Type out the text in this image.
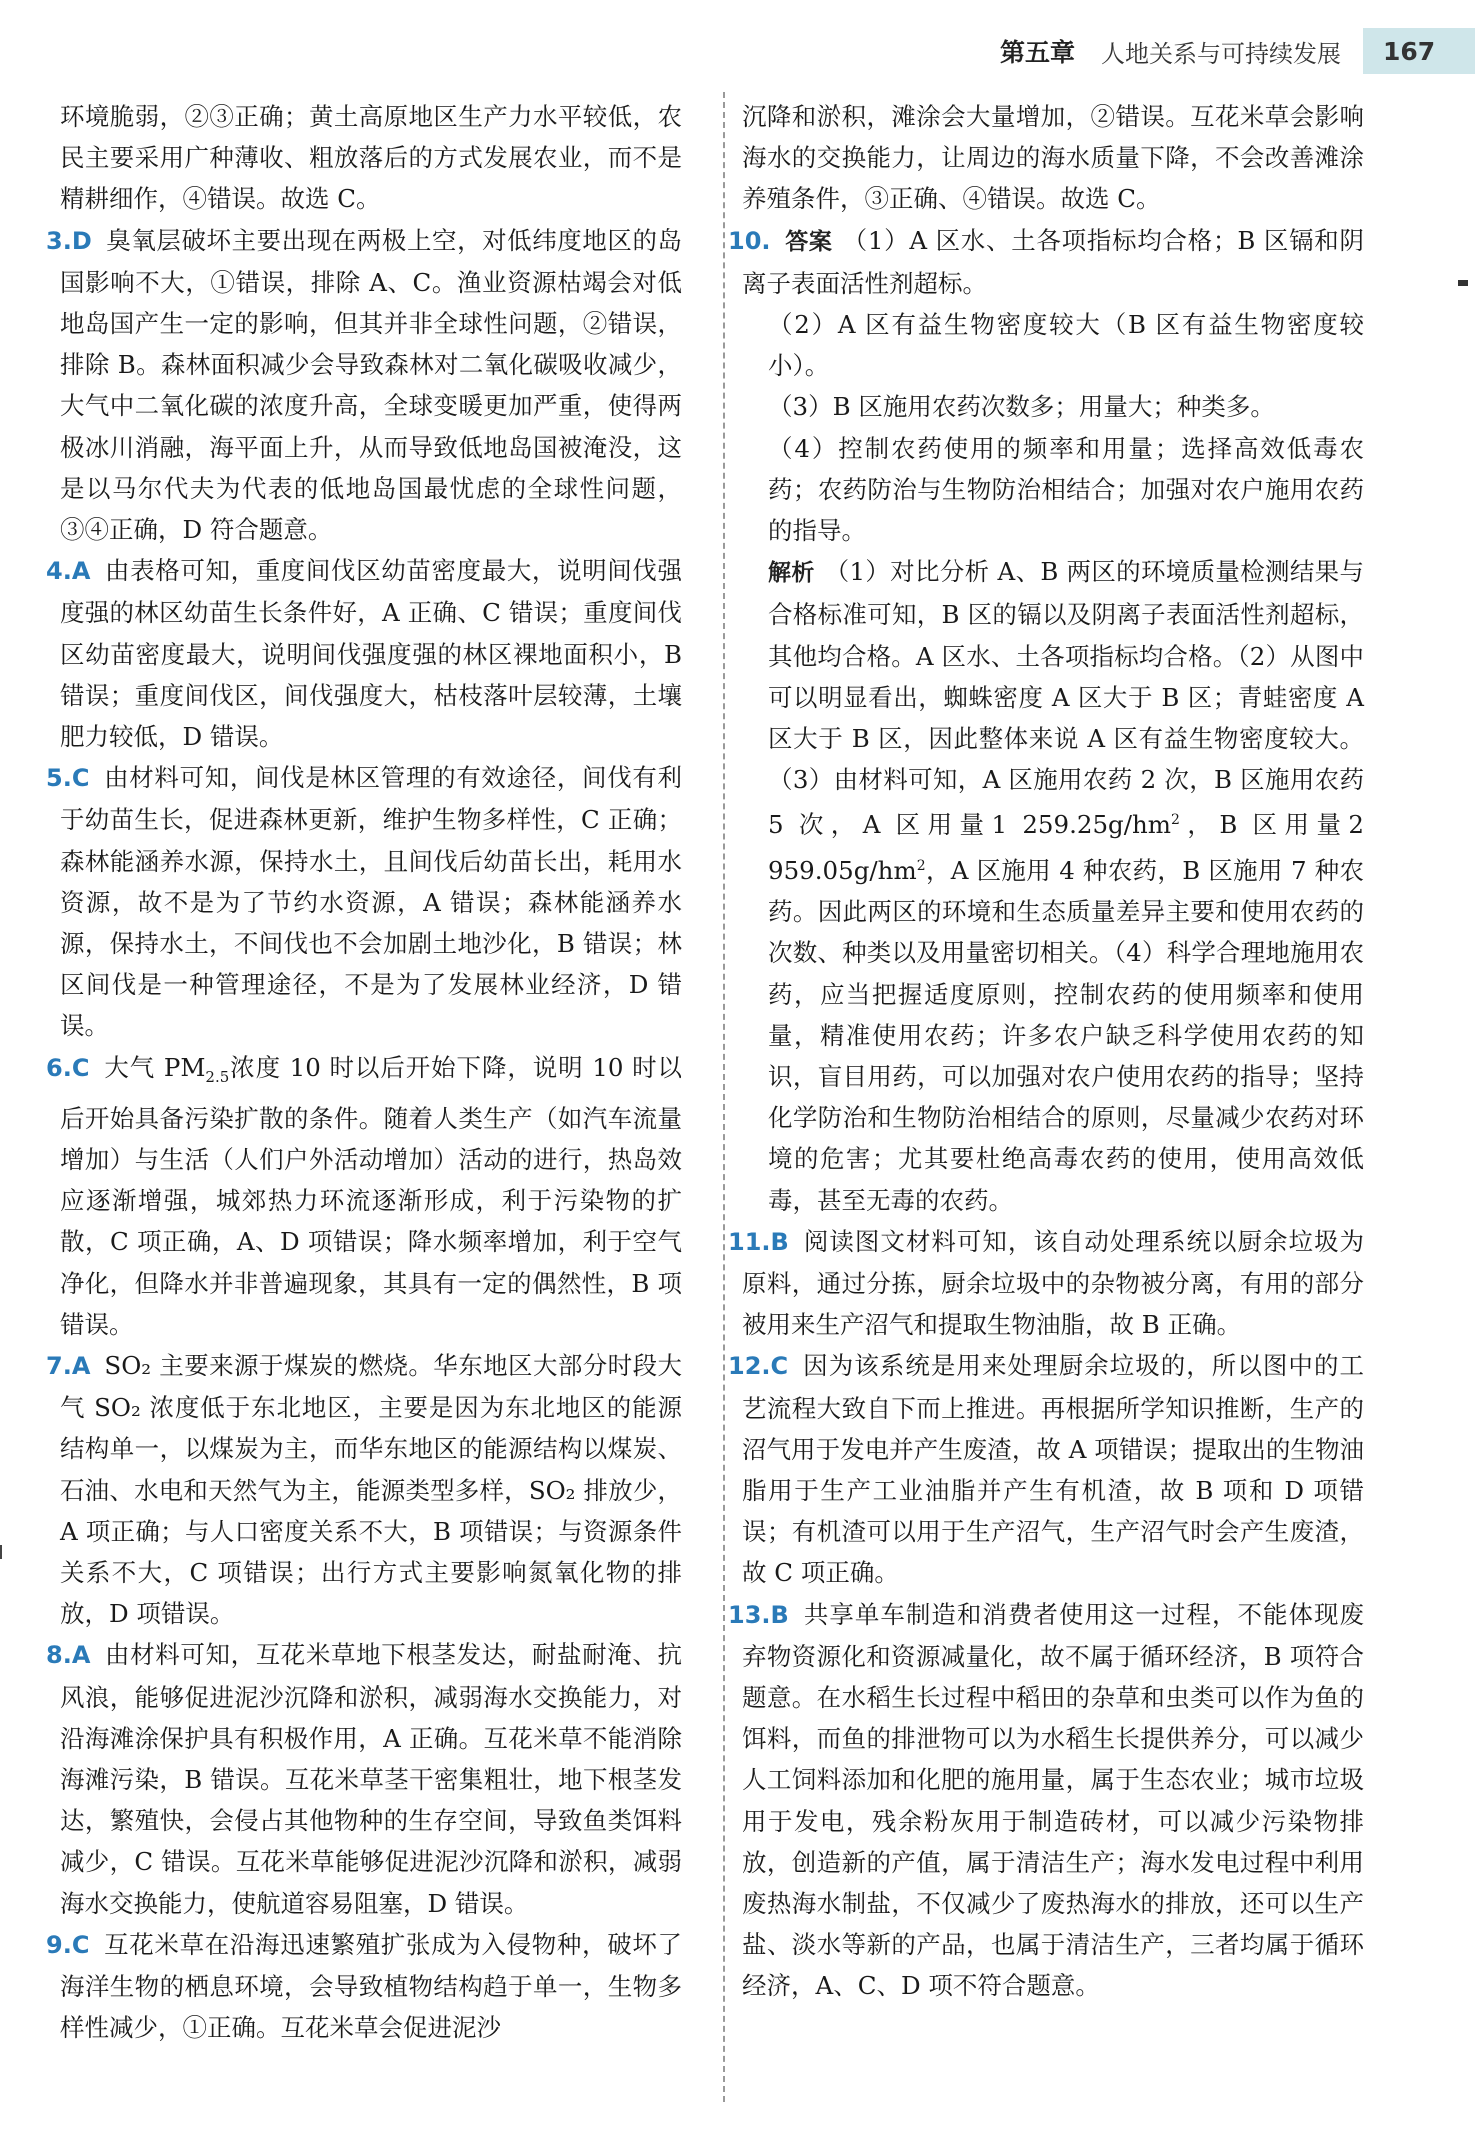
第五章 人地关系与可持续发展	167
环境脆弱，②③正确；黄土高原地区生产力水平较低，农民主要采用广种薄收、粗放落后的方式发展农业，而不是精耕细作，④错误。故选 C。
3.D 臭氧层破坏主要出现在两极上空，对低纬度地区的岛国影响不大，①错误，排除 A、C。渔业资源枯竭会对低地岛国产生一定的影响，但其并非全球性问题，②错误，排除 B。森林面积减少会导致森林对二氧化碳吸收减少，大气中二氧化碳的浓度升高，全球变暖更加严重，使得两极冰川消融，海平面上升，从而导致低地岛国被淹没，这是以马尔代夫为代表的低地岛国最忧虑的全球性问题，③④正确，D 符合题意。
4.A 由表格可知，重度间伐区幼苗密度最大，说明间伐强度强的林区幼苗生长条件好，A 正确、C 错误；重度间伐区幼苗密度最大，说明间伐强度强的林区裸地面积小，B 错误；重度间伐区，间伐强度大，枯枝落叶层较薄，土壤肥力较低，D 错误。
5.C 由材料可知，间伐是林区管理的有效途径，间伐有利于幼苗生长，促进森林更新，维护生物多样性，C 正确；森林能涵养水源，保持水土，且间伐后幼苗长出，耗用水资源，故不是为了节约水资源，A 错误；森林能涵养水源，保持水土，不间伐也不会加剧土地沙化，B 错误；林区间伐是一种管理途径，不是为了发展林业经济，D 错误。
6.C 大气 $PM_{2.5}$浓度 10 时以后开始下降，说明 10 时以后开始具备污染扩散的条件。随着人类生产（如汽车流量增加）与生活（人们户外活动增加）活动的进行，热岛效应逐渐增强，城郊热力环流逐渐形成，利于污染物的扩散，C 项正确，A、D 项错误；降水频率增加，利于空气净化，但降水并非普遍现象，其具有一定的偶然性，B 项错误。
7.A SO₂ 主要来源于煤炭的燃烧。华东地区大部分时段大气 SO₂ 浓度低于东北地区，主要是因为东北地区的能源结构单一，以煤炭为主，而华东地区的能源结构以煤炭、石油、水电和天然气为主，能源类型多样，SO₂ 排放少，A 项正确；与人口密度关系不大，B 项错误；与资源条件关系不大，C 项错误；出行方式主要影响氮氧化物的排放，D 项错误。
8.A 由材料可知，互花米草地下根茎发达，耐盐耐淹、抗风浪，能够促进泥沙沉降和淤积，减弱海水交换能力，对沿海滩涂保护具有积极作用，A 正确。互花米草不能消除海滩污染，B 错误。互花米草茎干密集粗壮，地下根茎发达，繁殖快，会侵占其他物种的生存空间，导致鱼类饵料减少，C 错误。互花米草能够促进泥沙沉降和淤积，减弱海水交换能力，使航道容易阻塞，D 错误。
9.C 互花米草在沿海迅速繁殖扩张成为入侵物种，破坏了海洋生物的栖息环境，会导致植物结构趋于单一，生物多样性减少，①正确。互花米草会促进泥沙
沉降和淤积，滩涂会大量增加，②错误。互花米草会影响海水的交换能力，让周边的海水质量下降，不会改善滩涂养殖条件，③正确、④错误。故选 C。
10. 答案 （1）A 区水、土各项指标均合格；B 区镉和阴离子表面活性剂超标。
（2）A 区有益生物密度较大（B 区有益生物密度较小）。
（3）B 区施用农药次数多；用量大；种类多。
（4）控制农药使用的频率和用量；选择高效低毒农药；农药防治与生物防治相结合；加强对农户施用农药的指导。
解析 （1）对比分析 A、B 两区的环境质量检测结果与合格标准可知，B 区的镉以及阴离子表面活性剂超标，其他均合格。A 区水、土各项指标均合格。（2）从图中可以明显看出，蜘蛛密度 A 区大于 B 区；青蛙密度 A 区大于 B 区，因此整体来说 A 区有益生物密度较大。（3）由材料可知，A 区施用农药 2 次，B 区施用农药 5 次，A 区用量1 $259.25g/hm^2$，B 区用量2 $959.05g/hm^2$，A 区施用 4 种农药，B 区施用 7 种农药。因此两区的环境和生态质量差异主要和使用农药的次数、种类以及用量密切相关。（4）科学合理地施用农药，应当把握适度原则，控制农药的使用频率和使用量，精准使用农药；许多农户缺乏科学使用农药的知识，盲目用药，可以加强对农户使用农药的指导；坚持化学防治和生物防治相结合的原则，尽量减少农药对环境的危害；尤其要杜绝高毒农药的使用，使用高效低毒，甚至无毒的农药。
11.B 阅读图文材料可知，该自动处理系统以厨余垃圾为原料，通过分拣，厨余垃圾中的杂物被分离，有用的部分被用来生产沼气和提取生物油脂，故 B 正确。
12.C 因为该系统是用来处理厨余垃圾的，所以图中的工艺流程大致自下而上推进。再根据所学知识推断，生产的沼气用于发电并产生废渣，故 A 项错误；提取出的生物油脂用于生产工业油脂并产生有机渣，故 B 项和 D 项错误；有机渣可以用于生产沼气，生产沼气时会产生废渣，故 C 项正确。
13.B 共享单车制造和消费者使用这一过程，不能体现废弃物资源化和资源减量化，故不属于循环经济，B 项符合题意。在水稻生长过程中稻田的杂草和虫类可以作为鱼的饵料，而鱼的排泄物可以为水稻生长提供养分，可以减少人工饲料添加和化肥的施用量，属于生态农业；城市垃圾用于发电，残余粉灰用于制造砖材，可以减少污染物排放，创造新的产值，属于清洁生产；海水发电过程中利用废热海水制盐，不仅减少了废热海水的排放，还可以生产盐、淡水等新的产品，也属于清洁生产，三者均属于循环经济，A、C、D 项不符合题意。
